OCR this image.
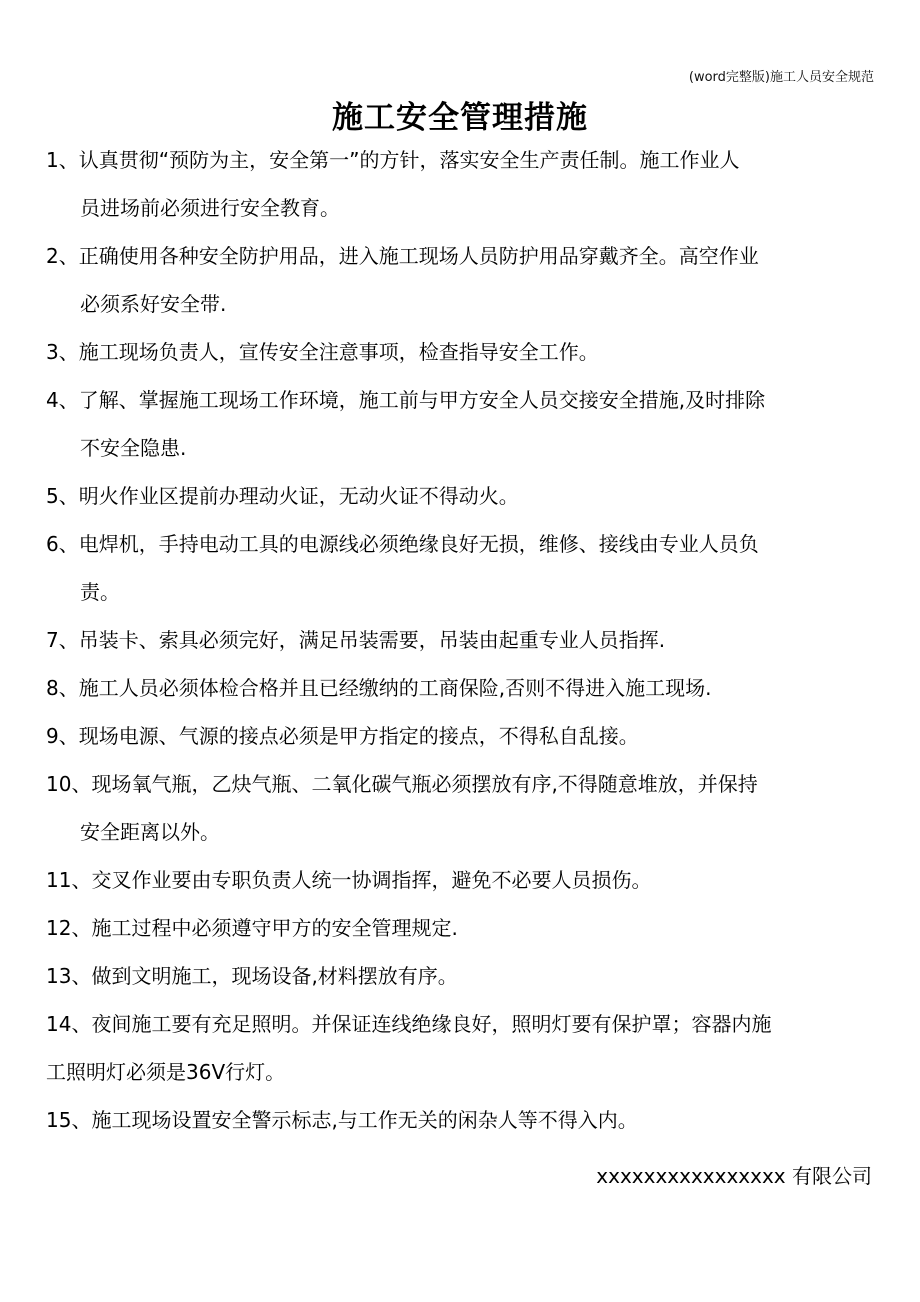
(word完整版)施工人员安全规范
施工安全管理措施
1、认真贯彻“预防为主，安全第一”的方针，落实安全生产责任制。施工作业人
员进场前必须进行安全教育。
2、正确使用各种安全防护用品，进入施工现场人员防护用品穿戴齐全。高空作业
必须系好安全带.
3、施工现场负责人，宣传安全注意事项，检查指导安全工作。
4、了解、掌握施工现场工作环境，施工前与甲方安全人员交接安全措施,及时排除
不安全隐患.
5、明火作业区提前办理动火证，无动火证不得动火。
6、电焊机，手持电动工具的电源线必须绝缘良好无损，维修、接线由专业人员负
责。
7、吊装卡、索具必须完好，满足吊装需要，吊装由起重专业人员指挥.
8、施工人员必须体检合格并且已经缴纳的工商保险,否则不得进入施工现场.
9、现场电源、气源的接点必须是甲方指定的接点，不得私自乱接。
10、现场氧气瓶，乙炔气瓶、二氧化碳气瓶必须摆放有序,不得随意堆放，并保持
安全距离以外。
11、交叉作业要由专职负责人统一协调指挥，避免不必要人员损伤。
12、施工过程中必须遵守甲方的安全管理规定.
13、做到文明施工，现场设备,材料摆放有序。
14、夜间施工要有充足照明。并保证连线绝缘良好，照明灯要有保护罩；容器内施
工照明灯必须是36V行灯。
15、施工现场设置安全警示标志,与工作无关的闲杂人等不得入内。
xxxxxxxxxxxxxxxx 有限公司
